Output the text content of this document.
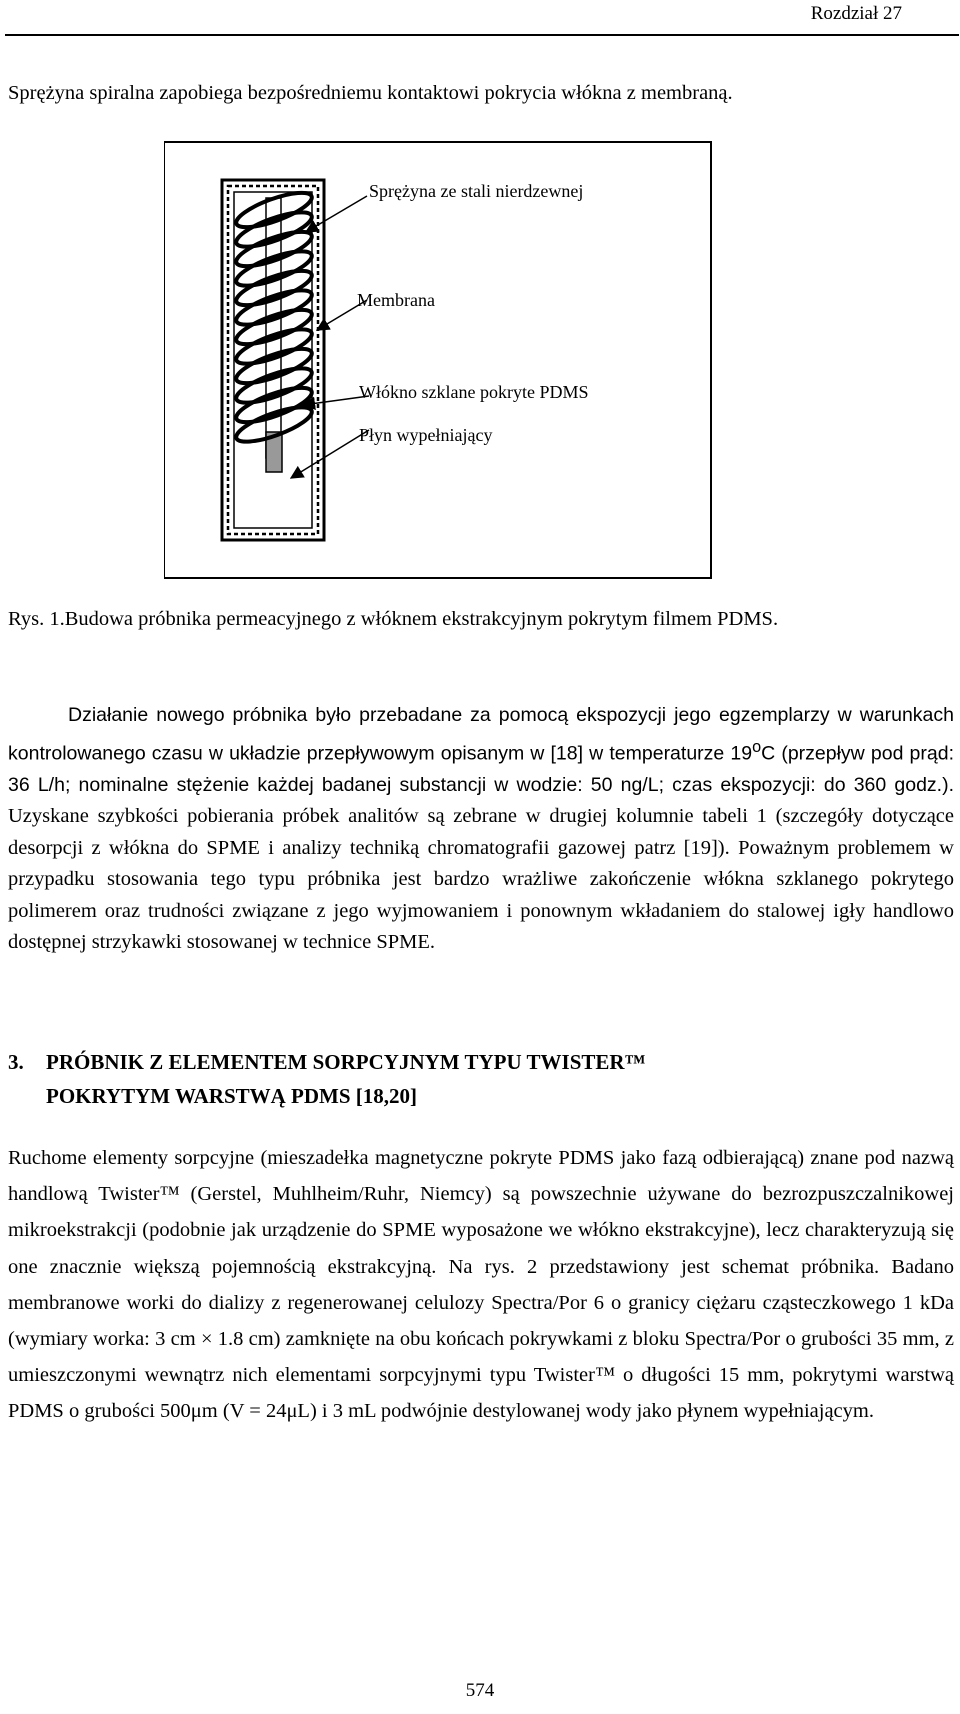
Rozdział 27

Sprężyna spiralna zapobiega bezpośredniemu kontaktowi pokrycia włókna z membraną.

Sprężyna ze stali nierdzewnej
Membrana
Włókno szklane pokryte PDMS
Płyn wypełniający

Rys. 1.Budowa próbnika permeacyjnego z włóknem ekstrakcyjnym pokrytym filmem PDMS.

Działanie nowego próbnika było przebadane za pomocą ekspozycji jego egzemplarzy w warunkach kontrolowanego czasu w układzie przepływowym opisanym w [18] w temperaturze 19$^o$C (przepływ pod prąd: 36 L/h; nominalne stężenie każdej badanej substancji w wodzie: 50 ng/L; czas ekspozycji: do 360 godz.). Uzyskane szybkości pobierania próbek analitów są zebrane w drugiej kolumnie tabeli 1 (szczegóły dotyczące desorpcji z włókna do SPME i analizy techniką chromatografii gazowej patrz [19]). Poważnym problemem w przypadku stosowania tego typu próbnika jest bardzo wrażliwe zakończenie włókna szklanego pokrytego polimerem oraz trudności związane z jego wyjmowaniem i ponownym wkładaniem do stalowej igły handlowo dostępnej strzykawki stosowanej w technice SPME.

3. PRÓBNIK Z ELEMENTEM SORPCYJNYM TYPU TWISTER™
POKRYTYM WARSTWĄ PDMS [18,20]

Ruchome elementy sorpcyjne (mieszadełka magnetyczne pokryte PDMS jako fazą odbierającą) znane pod nazwą handlową Twister™ (Gerstel, Muhlheim/Ruhr, Niemcy) są powszechnie używane do bezrozpuszczalnikowej mikroekstrakcji (podobnie jak urządzenie do SPME wyposażone we włókno ekstrakcyjne), lecz charakteryzują się one znacznie większą pojemnością ekstrakcyjną. Na rys. 2 przedstawiony jest schemat próbnika. Badano membranowe worki do dializy z regenerowanej celulozy Spectra/Por 6 o granicy ciężaru cząsteczkowego 1 kDa (wymiary worka: 3 cm × 1.8 cm) zamknięte na obu końcach pokrywkami z bloku Spectra/Por o grubości 35 mm, z umieszczonymi wewnątrz nich elementami sorpcyjnymi typu Twister™ o długości 15 mm, pokrytymi warstwą PDMS o grubości 500μm (V = 24μL) i 3 mL podwójnie destylowanej wody jako płynem wypełniającym.

574
